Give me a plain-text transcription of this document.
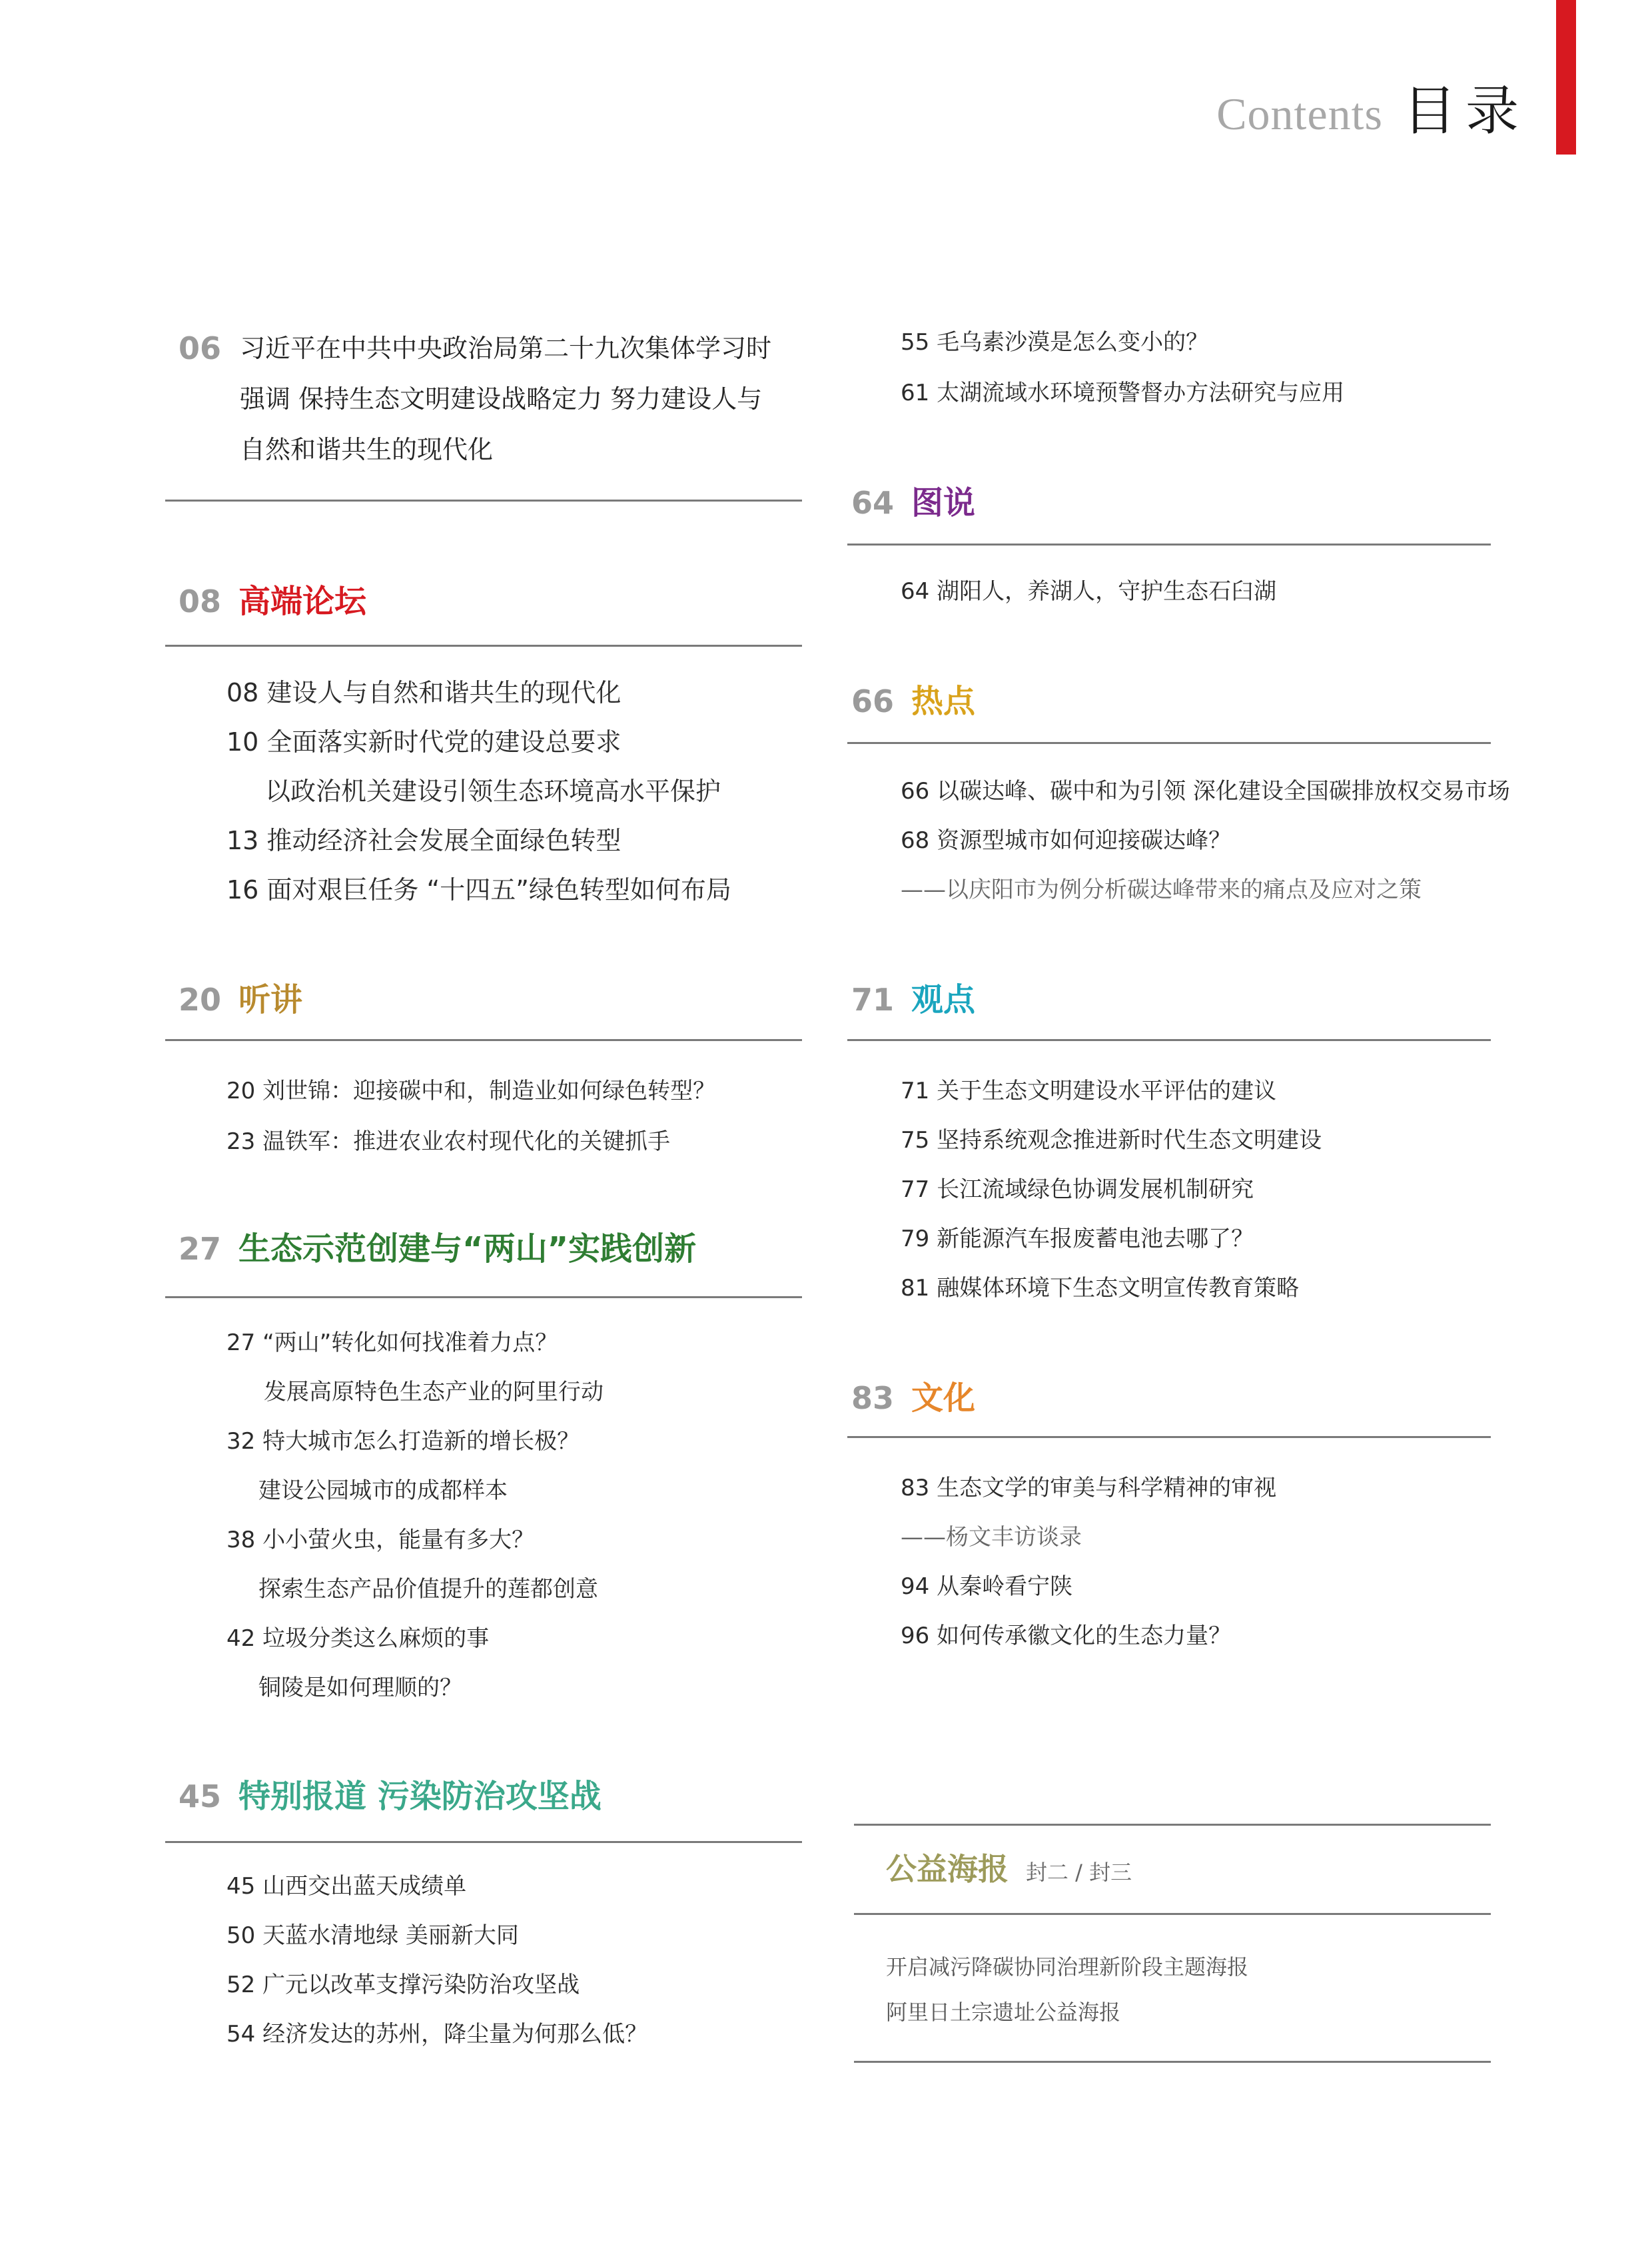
Contents 目录
06 习近平在中共中央政治局第二十九次集体学习时
强调 保持生态文明建设战略定力 努力建设人与
自然和谐共生的现代化
08 高端论坛
08 建设人与自然和谐共生的现代化
10 全面落实新时代党的建设总要求
以政治机关建设引领生态环境高水平保护
13 推动经济社会发展全面绿色转型
16 面对艰巨任务 “十四五”绿色转型如何布局
20 听讲
20 刘世锦：迎接碳中和，制造业如何绿色转型？
23 温铁军：推进农业农村现代化的关键抓手
27 生态示范创建与“两山”实践创新
27 “两山”转化如何找准着力点？
发展高原特色生态产业的阿里行动
32 特大城市怎么打造新的增长极？
建设公园城市的成都样本
38 小小萤火虫，能量有多大？
探索生态产品价值提升的莲都创意
42 垃圾分类这么麻烦的事
铜陵是如何理顺的？
45 特别报道 污染防治攻坚战
45 山西交出蓝天成绩单
50 天蓝水清地绿 美丽新大同
52 广元以改革支撑污染防治攻坚战
54 经济发达的苏州，降尘量为何那么低？
55 毛乌素沙漠是怎么变小的？
61 太湖流域水环境预警督办方法研究与应用
64 图说
64 湖阳人，养湖人，守护生态石臼湖
66 热点
66 以碳达峰、碳中和为引领 深化建设全国碳排放权交易市场
68 资源型城市如何迎接碳达峰？
——以庆阳市为例分析碳达峰带来的痛点及应对之策
71 观点
71 关于生态文明建设水平评估的建议
75 坚持系统观念推进新时代生态文明建设
77 长江流域绿色协调发展机制研究
79 新能源汽车报废蓄电池去哪了？
81 融媒体环境下生态文明宣传教育策略
83 文化
83 生态文学的审美与科学精神的审视
——杨文丰访谈录
94 从秦岭看宁陕
96 如何传承徽文化的生态力量？
公益海报 封二 / 封三
开启减污降碳协同治理新阶段主题海报
阿里日土宗遗址公益海报
